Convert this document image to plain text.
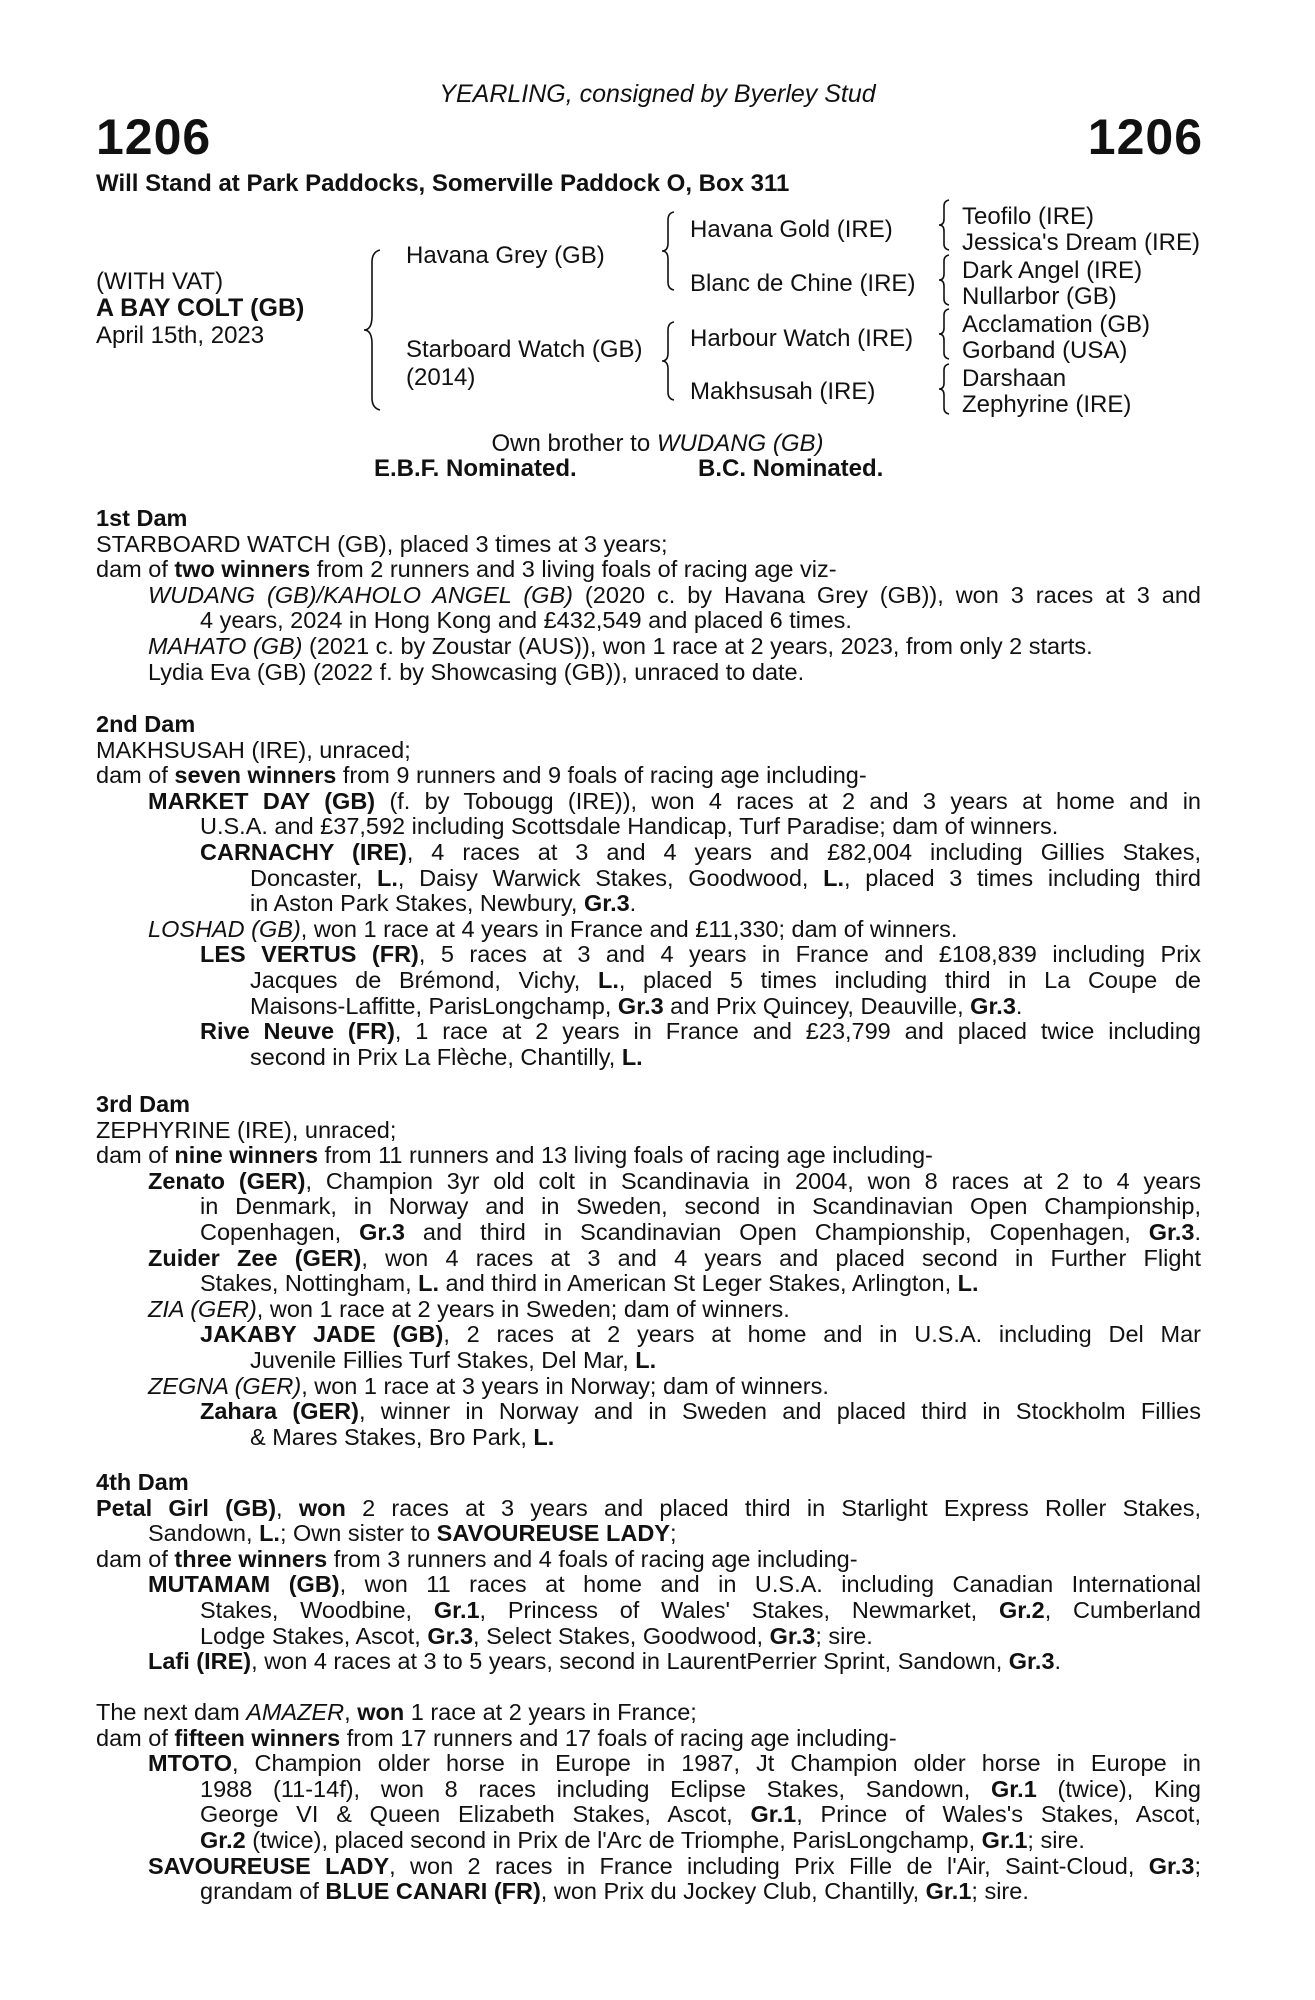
YEARLING, consigned by Byerley Stud
1206	1206
Will Stand at Park Paddocks, Somerville Paddock O, Box 311
(WITH VAT)
A BAY COLT (GB)
April 15th, 2023
Havana Grey (GB)
Starboard Watch (GB)
(2014)
Havana Gold (IRE)
Blanc de Chine (IRE)
Harbour Watch (IRE)
Makhsusah (IRE)
Teofilo (IRE)
Jessica's Dream (IRE)
Dark Angel (IRE)
Nullarbor (GB)
Acclamation (GB)
Gorband (USA)
Darshaan
Zephyrine (IRE)
Own brother to WUDANG (GB)
E.B.F. Nominated.	B.C. Nominated.
1st Dam
STARBOARD WATCH (GB), placed 3 times at 3 years;
dam of two winners from 2 runners and 3 living foals of racing age viz-
WUDANG (GB)/KAHOLO ANGEL (GB) (2020 c. by Havana Grey (GB)), won 3 races at 3 and
4 years, 2024 in Hong Kong and £432,549 and placed 6 times.
MAHATO (GB) (2021 c. by Zoustar (AUS)), won 1 race at 2 years, 2023, from only 2 starts.
Lydia Eva (GB) (2022 f. by Showcasing (GB)), unraced to date.
2nd Dam
MAKHSUSAH (IRE), unraced;
dam of seven winners from 9 runners and 9 foals of racing age including-
MARKET DAY (GB) (f. by Tobougg (IRE)), won 4 races at 2 and 3 years at home and in
U.S.A. and £37,592 including Scottsdale Handicap, Turf Paradise; dam of winners.
CARNACHY (IRE), 4 races at 3 and 4 years and £82,004 including Gillies Stakes,
Doncaster, L., Daisy Warwick Stakes, Goodwood, L., placed 3 times including third
in Aston Park Stakes, Newbury, Gr.3.
LOSHAD (GB), won 1 race at 4 years in France and £11,330; dam of winners.
LES VERTUS (FR), 5 races at 3 and 4 years in France and £108,839 including Prix
Jacques de Brémond, Vichy, L., placed 5 times including third in La Coupe de
Maisons-Laffitte, ParisLongchamp, Gr.3 and Prix Quincey, Deauville, Gr.3.
Rive Neuve (FR), 1 race at 2 years in France and £23,799 and placed twice including
second in Prix La Flèche, Chantilly, L.
3rd Dam
ZEPHYRINE (IRE), unraced;
dam of nine winners from 11 runners and 13 living foals of racing age including-
Zenato (GER), Champion 3yr old colt in Scandinavia in 2004, won 8 races at 2 to 4 years
in Denmark, in Norway and in Sweden, second in Scandinavian Open Championship,
Copenhagen, Gr.3 and third in Scandinavian Open Championship, Copenhagen, Gr.3.
Zuider Zee (GER), won 4 races at 3 and 4 years and placed second in Further Flight
Stakes, Nottingham, L. and third in American St Leger Stakes, Arlington, L.
ZIA (GER), won 1 race at 2 years in Sweden; dam of winners.
JAKABY JADE (GB), 2 races at 2 years at home and in U.S.A. including Del Mar
Juvenile Fillies Turf Stakes, Del Mar, L.
ZEGNA (GER), won 1 race at 3 years in Norway; dam of winners.
Zahara (GER), winner in Norway and in Sweden and placed third in Stockholm Fillies
& Mares Stakes, Bro Park, L.
4th Dam
Petal Girl (GB), won 2 races at 3 years and placed third in Starlight Express Roller Stakes,
Sandown, L.; Own sister to SAVOUREUSE LADY;
dam of three winners from 3 runners and 4 foals of racing age including-
MUTAMAM (GB), won 11 races at home and in U.S.A. including Canadian International
Stakes, Woodbine, Gr.1, Princess of Wales' Stakes, Newmarket, Gr.2, Cumberland
Lodge Stakes, Ascot, Gr.3, Select Stakes, Goodwood, Gr.3; sire.
Lafi (IRE), won 4 races at 3 to 5 years, second in LaurentPerrier Sprint, Sandown, Gr.3.
The next dam AMAZER, won 1 race at 2 years in France;
dam of fifteen winners from 17 runners and 17 foals of racing age including-
MTOTO, Champion older horse in Europe in 1987, Jt Champion older horse in Europe in
1988 (11-14f), won 8 races including Eclipse Stakes, Sandown, Gr.1 (twice), King
George VI & Queen Elizabeth Stakes, Ascot, Gr.1, Prince of Wales's Stakes, Ascot,
Gr.2 (twice), placed second in Prix de l'Arc de Triomphe, ParisLongchamp, Gr.1; sire.
SAVOUREUSE LADY, won 2 races in France including Prix Fille de l'Air, Saint-Cloud, Gr.3;
grandam of BLUE CANARI (FR), won Prix du Jockey Club, Chantilly, Gr.1; sire.
